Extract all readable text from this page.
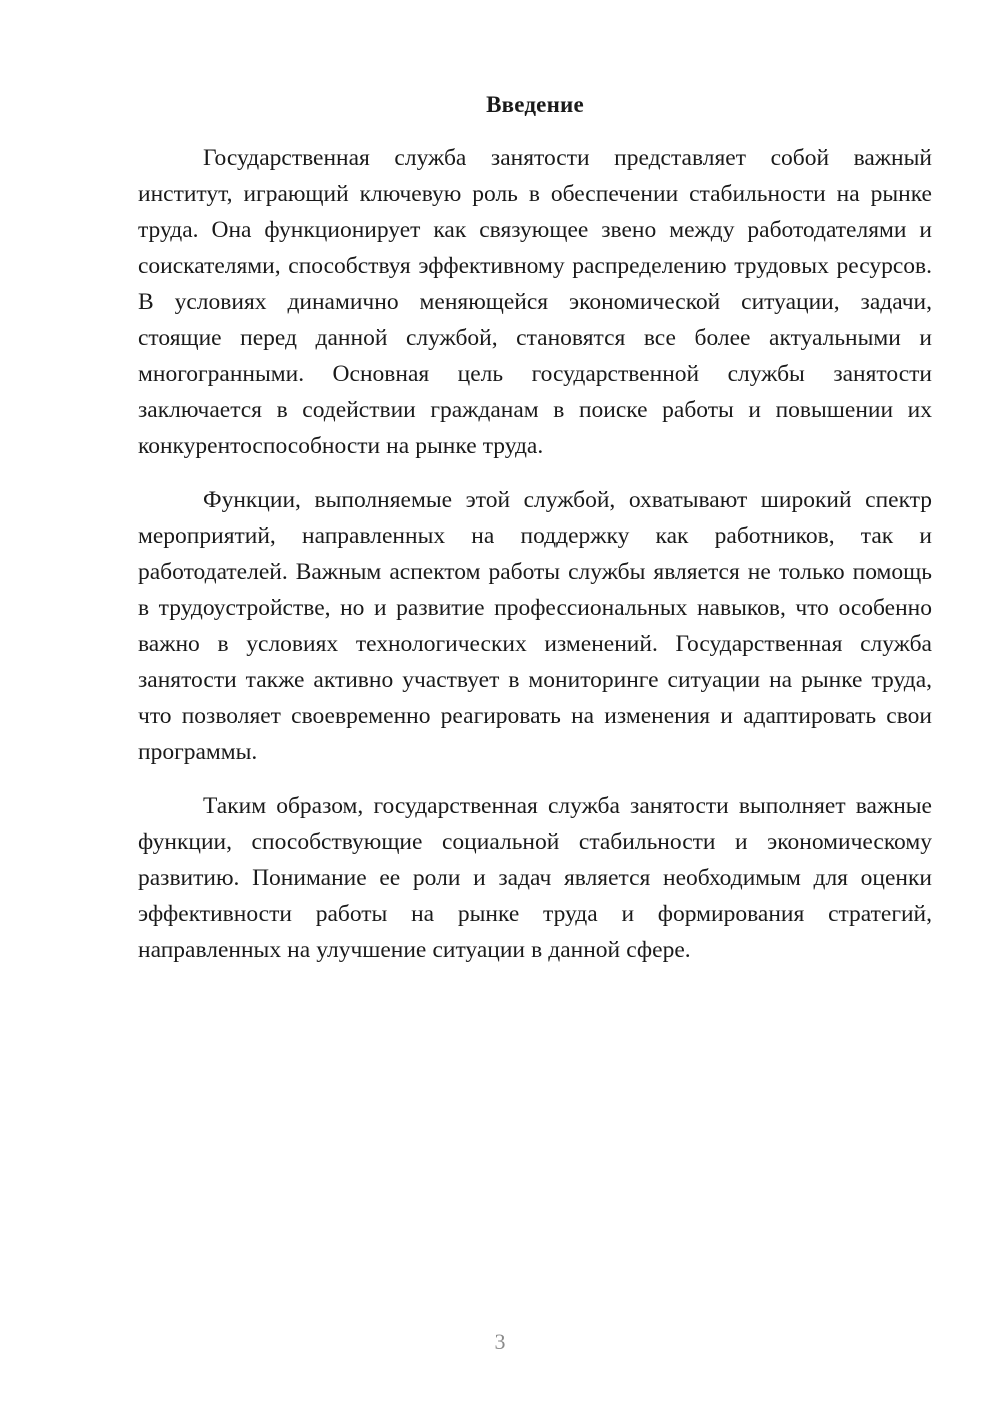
Введение

Государственная служба занятости представляет собой важный институт, играющий ключевую роль в обеспечении стабильности на рынке труда. Она функционирует как связующее звено между работодателями и соискателями, способствуя эффективному распределению трудовых ресурсов. В условиях динамично меняющейся экономической ситуации, задачи, стоящие перед данной службой, становятся все более актуальными и многогранными. Основная цель государственной службы занятости заключается в содействии гражданам в поиске работы и повышении их конкурентоспособности на рынке труда.

Функции, выполняемые этой службой, охватывают широкий спектр мероприятий, направленных на поддержку как работников, так и работодателей. Важным аспектом работы службы является не только помощь в трудоустройстве, но и развитие профессиональных навыков, что особенно важно в условиях технологических изменений. Государственная служба занятости также активно участвует в мониторинге ситуации на рынке труда, что позволяет своевременно реагировать на изменения и адаптировать свои программы.

Таким образом, государственная служба занятости выполняет важные функции, способствующие социальной стабильности и экономическому развитию. Понимание ее роли и задач является необходимым для оценки эффективности работы на рынке труда и формирования стратегий, направленных на улучшение ситуации в данной сфере.

3
